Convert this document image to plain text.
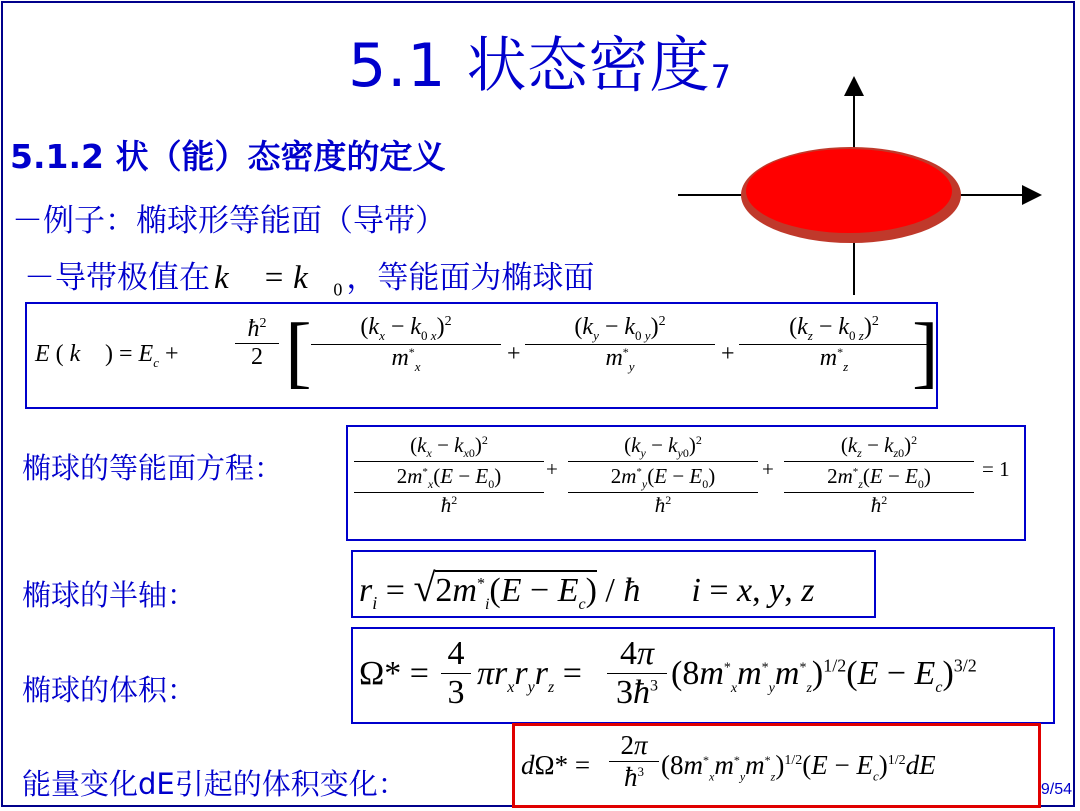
5.1 状态密度$_7$
5.1.2 状（能）态密度的定义
－例子：椭球形等能面（导带）
－导带极值在 k⃗ = $k⃗_0$ ，等能面为椭球面
E ( k⃗ ) = $E_c + \frac{ħ^2}{2}$ [ $\frac{(k_x - k_{0 x})^2}{m^*_x} + \frac{(k_y - k_{0 y})^2}{m^*_y} + \frac{(k_z - k_{0 z})^2}{m^*_z}$
]
椭球的等能面方程：
$(k_x - k_{x0})^2$
$2m^*_x(E - E_0)$
$ħ^2$
+
$(k_y - k_{y0})^2$
$2m^*_y(E - E_0)$
$ħ^2$
+
$(k_z - k_{z0})^2$
$2m^*_z(E - E_0)$
$ħ^2$
= 1
椭球的半轴：	$r_i = √2m^*_i(E - E_c)$ / ħ i = x, y, z
椭球的体积：	$\Omega* = \frac{4}{3} \pi r_xr_yr_z = \frac{4\pi}{3ħ^3} (8m^*_xm^*_ym^*_z)^{1/2}(E - E_c)^{3/2}$
能量变化dE引起的体积变化：
$d\Omega* = \frac{2\pi}{ħ^3} (8m^*_xm^*_ym^*_z)^{1/2}(E - E_c)^{1/2}dE$
9/54
